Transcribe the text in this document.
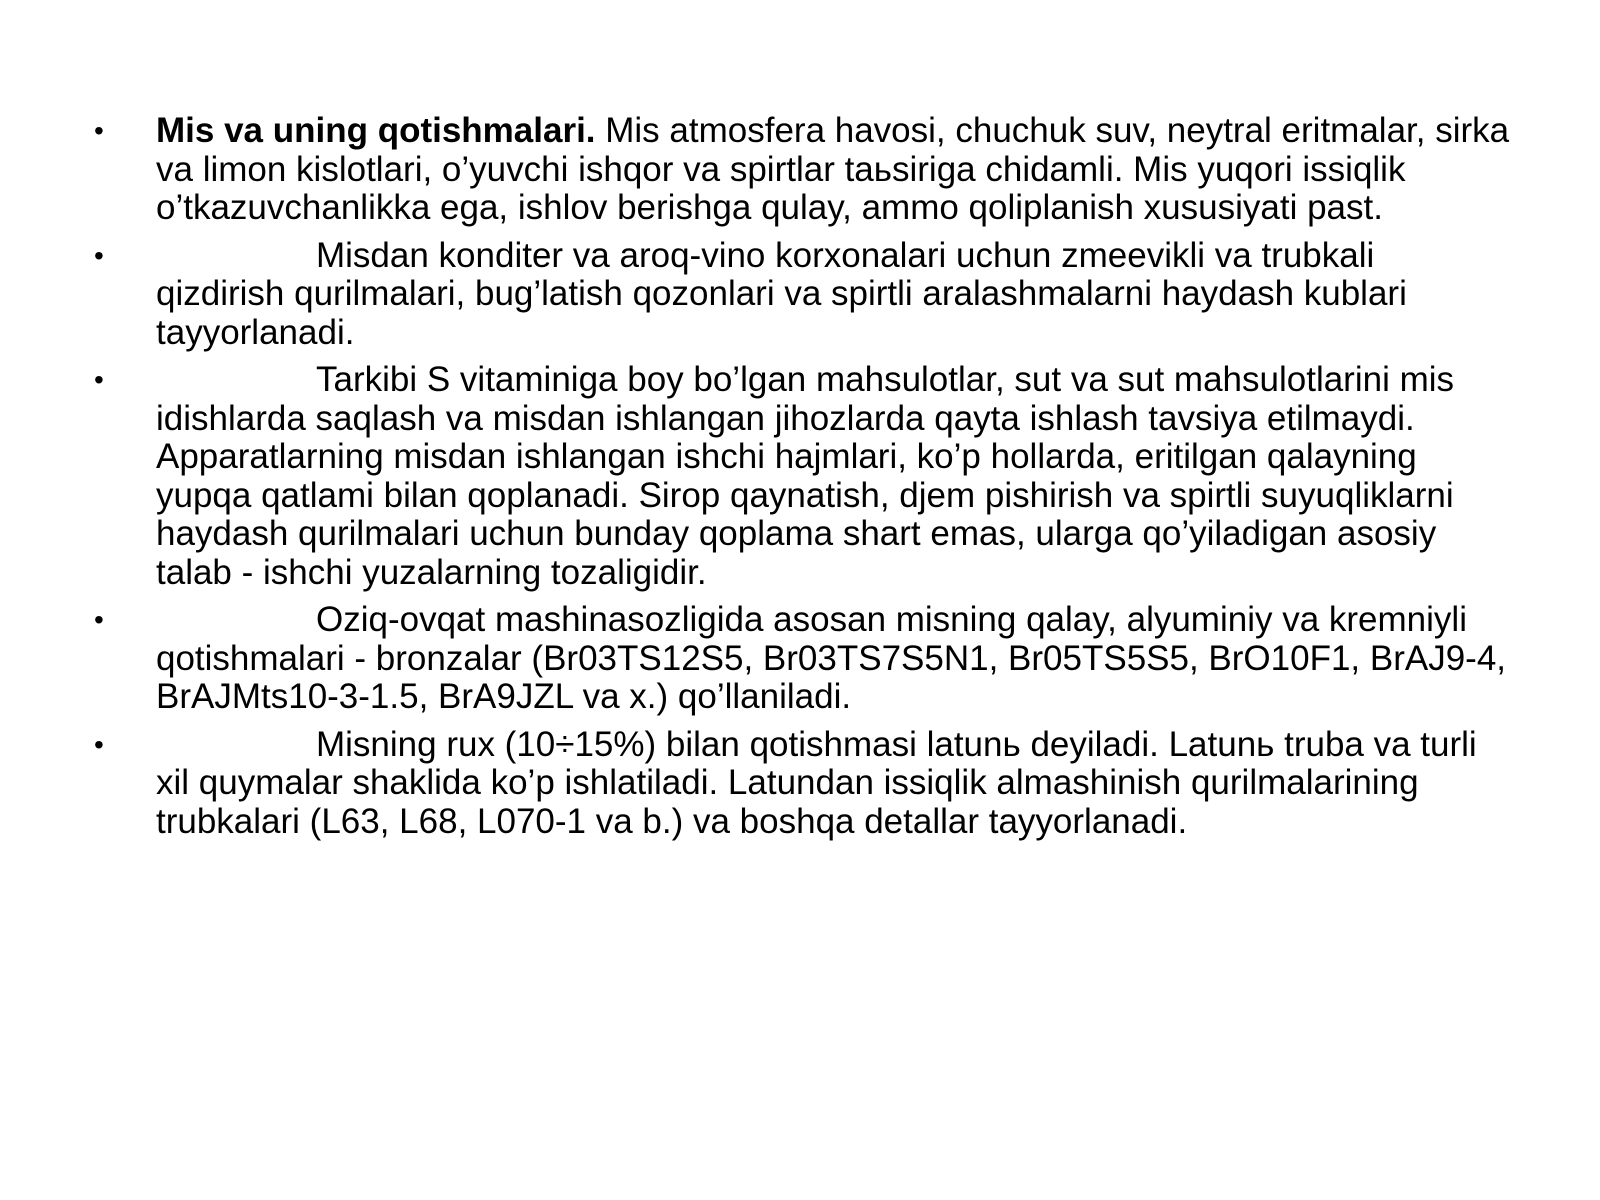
• Mis va uning qotishmalari. Mis atmosfera havosi, chuchuk suv, neytral eritmalar, sirka va limon kislotlari, o’yuvchi ishqor va spirtlar taьsiriga chidamli. Mis yuqori issiqlik o’tkazuvchanlikka ega, ishlov berishga qulay, ammo qoliplanish xususiyati past.
•	Misdan konditer va aroq-vino korxonalari uchun zmeevikli va trubkali qizdirish qurilmalari, bug’latish qozonlari va spirtli aralashmalarni haydash kublari tayyorlanadi.
•	Tarkibi S vitaminiga boy bo’lgan mahsulotlar, sut va sut mahsulotlarini mis idishlarda saqlash va misdan ishlangan jihozlarda qayta ishlash tavsiya etilmaydi. Apparatlarning misdan ishlangan ishchi hajmlari, ko’p hollarda, eritilgan qalayning yupqa qatlami bilan qoplanadi. Sirop qaynatish, djem pishirish va spirtli suyuqliklarni haydash qurilmalari uchun bunday qoplama shart emas, ularga qo’yiladigan asosiy talab - ishchi yuzalarning tozaligidir.
•	Oziq-ovqat mashinasozligida asosan misning qalay, alyuminiy va kremniyli qotishmalari - bronzalar (Br03TS12S5, Br03TS7S5N1, Br05TS5S5, BrO10F1, BrAJ9-4, BrAJMts10-3-1.5, BrA9JZL va x.) qo’llaniladi.
•	Misning rux (10÷15%) bilan qotishmasi latunь deyiladi. Latunь truba va turli xil quymalar shaklida ko’p ishlatiladi. Latundan issiqlik almashinish qurilmalarining trubkalari (L63, L68, L070-1 va b.) va boshqa detallar tayyorlanadi.
